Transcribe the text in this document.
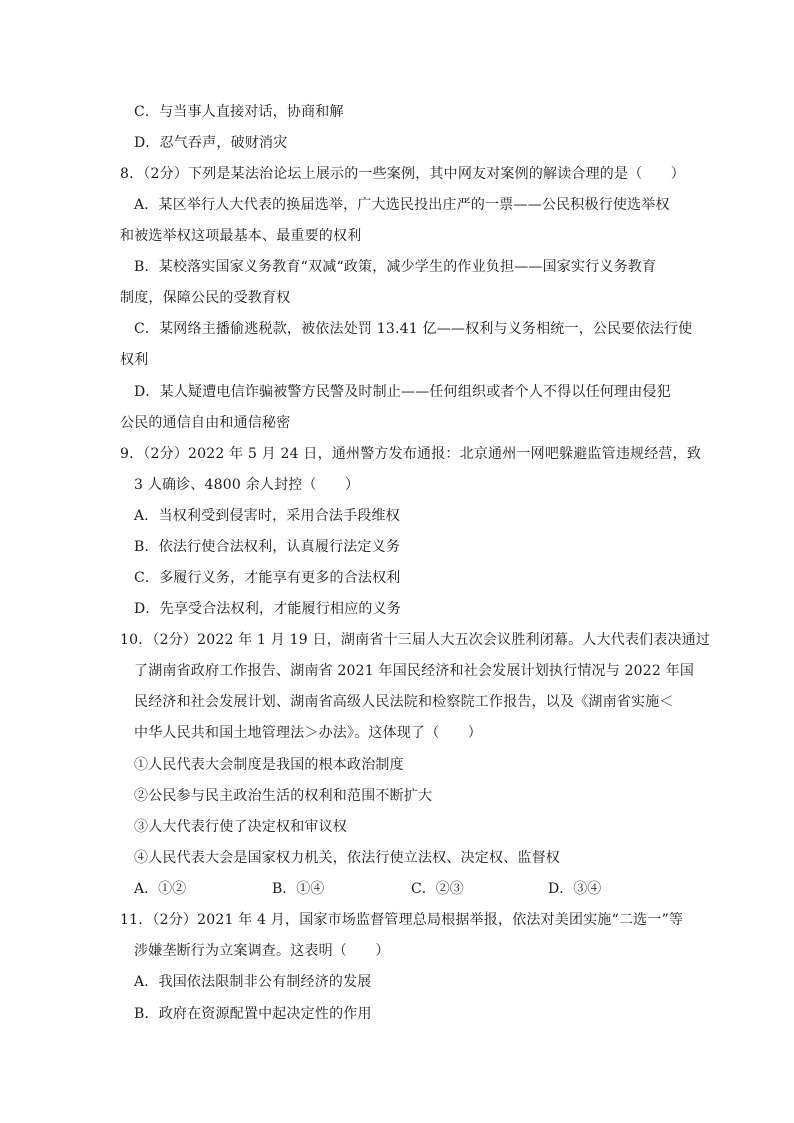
C．与当事人直接对话，协商和解
D．忍气吞声，破财消灾
8．（2分）下列是某法治论坛上展示的一些案例，其中网友对案例的解读合理的是（　　）
A．某区举行人大代表的换届选举，广大选民投出庄严的一票——公民积极行使选举权
和被选举权这项最基本、最重要的权利
B．某校落实国家义务教育“双减“政策，减少学生的作业负担——国家实行义务教育
制度，保障公民的受教育权
C．某网络主播偷逃税款，被依法处罚 13.41 亿——权利与义务相统一，公民要依法行使
权利
D．某人疑遭电信诈骗被警方民警及时制止——任何组织或者个人不得以任何理由侵犯
公民的通信自由和通信秘密
9．（2分）2022 年 5 月 24 日，通州警方发布通报：北京通州一网吧躲避监管违规经营，致
3 人确诊、4800 余人封控（　　）
A．当权利受到侵害时，采用合法手段维权
B．依法行使合法权利，认真履行法定义务
C．多履行义务，才能享有更多的合法权利
D．先享受合法权利，才能履行相应的义务
10．（2分）2022 年 1 月 19 日，湖南省十三届人大五次会议胜利闭幕。人大代表们表决通过
了湖南省政府工作报告、湖南省 2021 年国民经济和社会发展计划执行情况与 2022 年国
民经济和社会发展计划、湖南省高级人民法院和检察院工作报告，以及《湖南省实施＜
中华人民共和国土地管理法＞办法》。这体现了（　　）
①人民代表大会制度是我国的根本政治制度
②公民参与民主政治生活的权利和范围不断扩大
③人大代表行使了决定权和审议权
④人民代表大会是国家权力机关，依法行使立法权、决定权、监督权
A．①②	B．①④	C．②③	D．③④
11．（2分）2021 年 4 月，国家市场监督管理总局根据举报，依法对美团实施“二选一”等
涉嫌垄断行为立案调查。这表明（　　）
A．我国依法限制非公有制经济的发展
B．政府在资源配置中起决定性的作用
